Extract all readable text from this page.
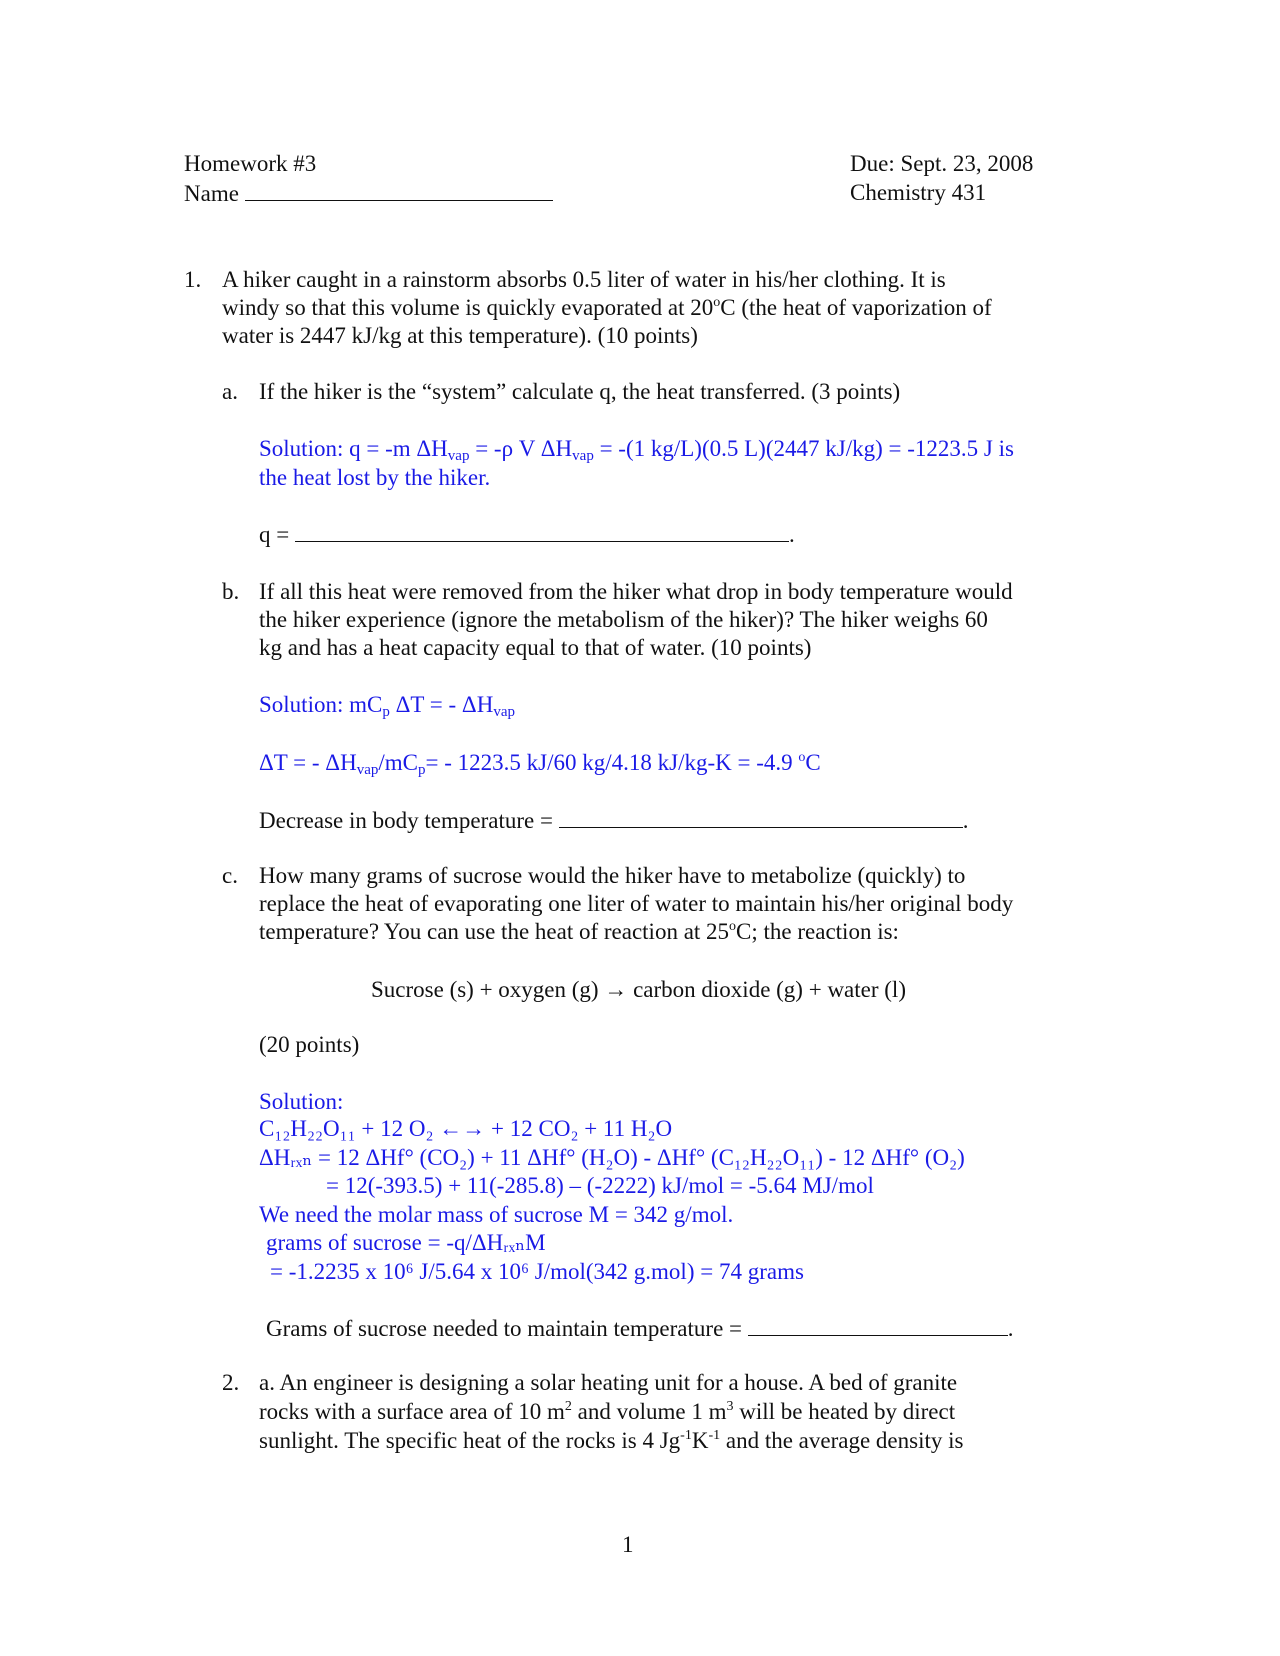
Homework #3
Name
Due: Sept. 23, 2008
Chemistry 431
1. A hiker caught in a rainstorm absorbs 0.5 liter of water in his/her clothing. It is
windy so that this volume is quickly evaporated at 20$^o$C (the heat of vaporization of
water is 2447 kJ/kg at this temperature). (10 points)
a. If the hiker is the “system” calculate q, the heat transferred. (3 points)
Solution: q = -m $\Delta H_{vap} = -\rho$ V $\Delta H_{vap} = -(1$ kg/L)(0.5 L)(2447 kJ/kg) = -1223.5 J is
the heat lost by the hiker.
q =	.
b. If all this heat were removed from the hiker what drop in body temperature would
the hiker experience (ignore the metabolism of the hiker)? The hiker weighs 60
kg and has a heat capacity equal to that of water. (10 points)
Solution: $mC_p$ ΔT = - $\Delta H_{vap}$
ΔT = - $\Delta H_{vap}/mC_p= - 1223.5$ kJ/60 kg/4.18 kJ/kg-K = -4.9 $^o$C
Decrease in body temperature =	.
c. How many grams of sucrose would the hiker have to metabolize (quickly) to
replace the heat of evaporating one liter of water to maintain his/her original body
temperature? You can use the heat of reaction at 25$^o$C; the reaction is:
Sucrose (s) + oxygen (g) → carbon dioxide (g) + water (l)
(20 points)
Solution:
C₁₂H₂₂O₁₁ + 12 O₂ ←→ + 12 CO₂ + 11 H₂O
ΔHᵣₓₙ = 12 ΔHf° (CO₂) + 11 ΔHf° (H₂O) - ΔHf° (C₁₂H₂₂O₁₁) - 12 ΔHf° (O₂)
= 12(-393.5) + 11(-285.8) – (-2222) kJ/mol = -5.64 MJ/mol
We need the molar mass of sucrose M = 342 g/mol.
grams of sucrose = -q/ΔHᵣₓₙM
= -1.2235 x 10⁶ J/5.64 x 10⁶ J/mol(342 g.mol) = 74 grams
Grams of sucrose needed to maintain temperature =	.
2. a. An engineer is designing a solar heating unit for a house. A bed of granite
rocks with a surface area of 10 $m^2$ and volume 1 $m^3$ will be heated by direct
sunlight. The specific heat of the rocks is 4 $Jg^{-1}K^{-1}$ and the average density is
1
